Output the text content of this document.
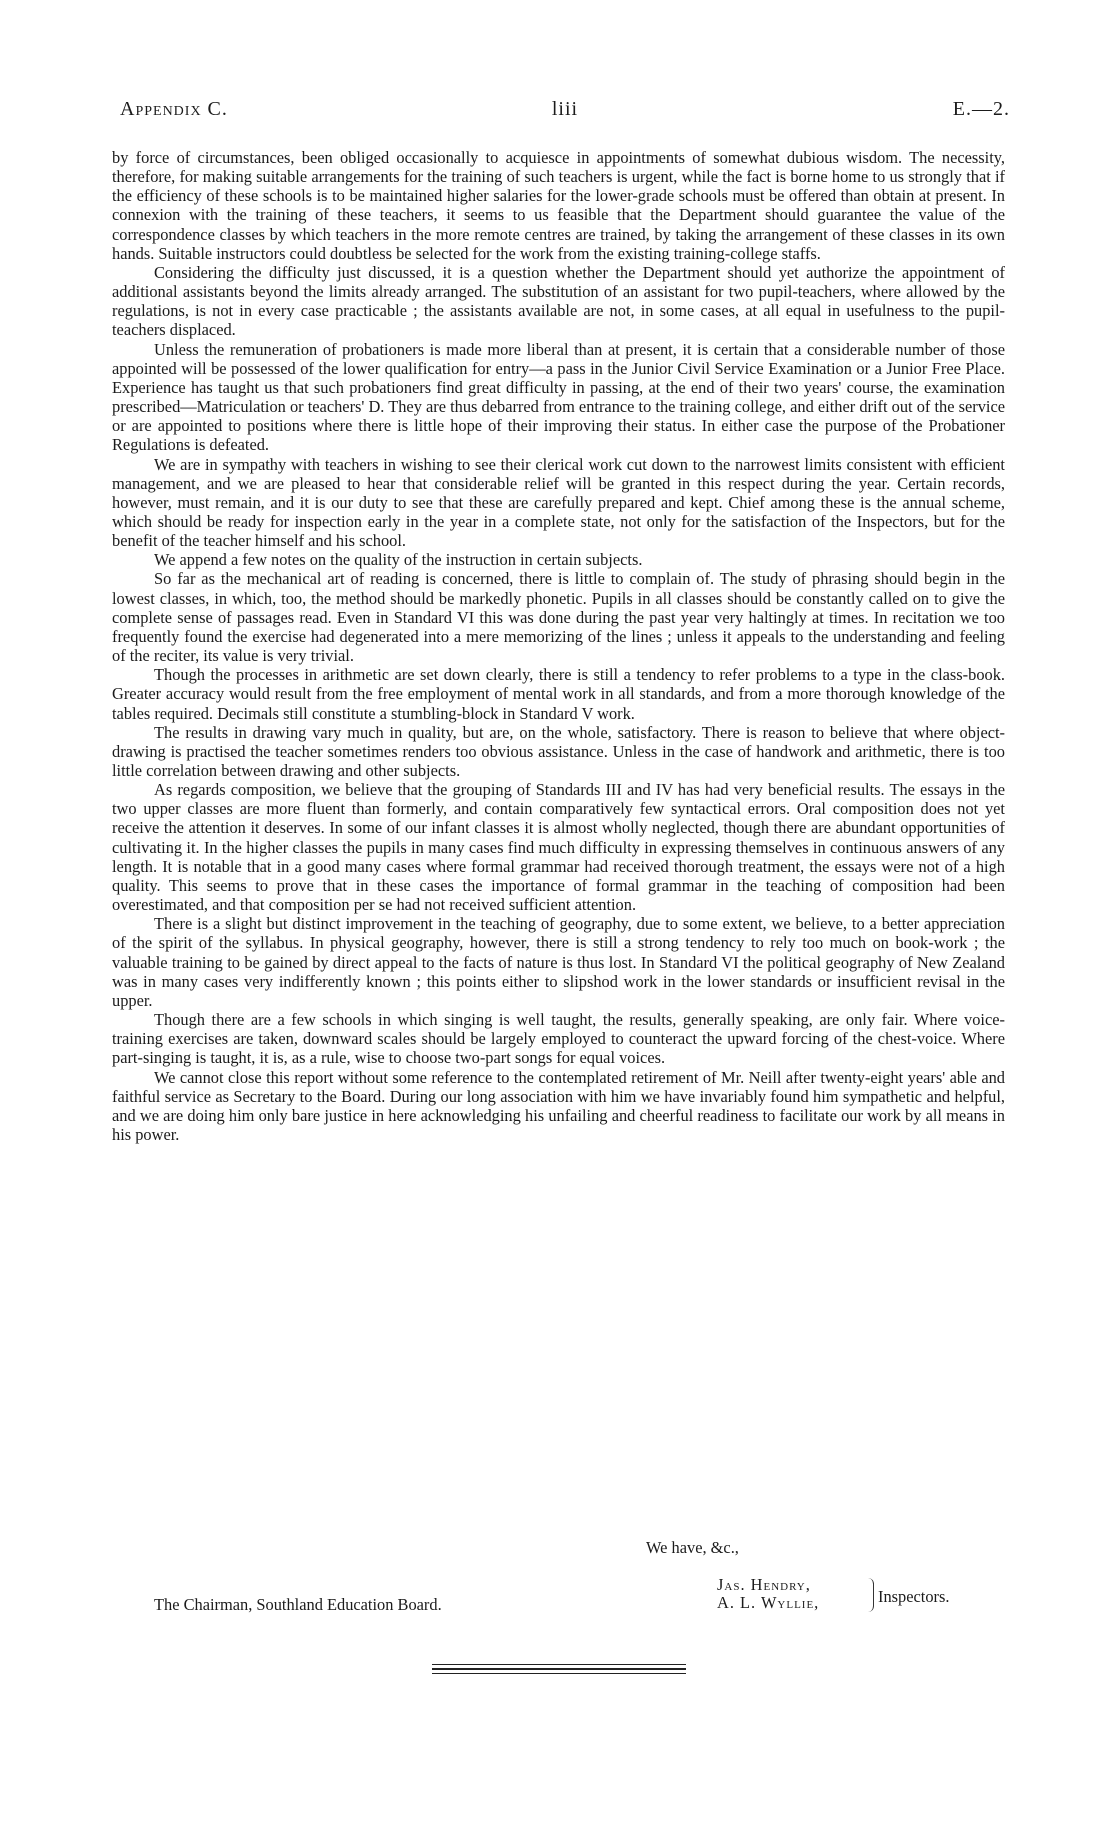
Appendix C.	liii	E.—2.

by force of circumstances, been obliged occasionally to acquiesce in appointments of somewhat dubious wisdom. The necessity, therefore, for making suitable arrangements for the training of such teachers is urgent, while the fact is borne home to us strongly that if the efficiency of these schools is to be maintained higher salaries for the lower-grade schools must be offered than obtain at present. In connexion with the training of these teachers, it seems to us feasible that the Department should guarantee the value of the correspondence classes by which teachers in the more remote centres are trained, by taking the arrangement of these classes in its own hands. Suitable instructors could doubtless be selected for the work from the existing training-college staffs.

Considering the difficulty just discussed, it is a question whether the Department should yet authorize the appointment of additional assistants beyond the limits already arranged. The substitution of an assistant for two pupil-teachers, where allowed by the regulations, is not in every case practicable ; the assistants available are not, in some cases, at all equal in usefulness to the pupil-teachers displaced.

Unless the remuneration of probationers is made more liberal than at present, it is certain that a considerable number of those appointed will be possessed of the lower qualification for entry—a pass in the Junior Civil Service Examination or a Junior Free Place. Experience has taught us that such probationers find great difficulty in passing, at the end of their two years' course, the examination prescribed—Matriculation or teachers' D. They are thus debarred from entrance to the training college, and either drift out of the service or are appointed to positions where there is little hope of their improving their status. In either case the purpose of the Probationer Regulations is defeated.

We are in sympathy with teachers in wishing to see their clerical work cut down to the narrowest limits consistent with efficient management, and we are pleased to hear that considerable relief will be granted in this respect during the year. Certain records, however, must remain, and it is our duty to see that these are carefully prepared and kept. Chief among these is the annual scheme, which should be ready for inspection early in the year in a complete state, not only for the satisfaction of the Inspectors, but for the benefit of the teacher himself and his school.

We append a few notes on the quality of the instruction in certain subjects.

So far as the mechanical art of reading is concerned, there is little to complain of. The study of phrasing should begin in the lowest classes, in which, too, the method should be markedly phonetic. Pupils in all classes should be constantly called on to give the complete sense of passages read. Even in Standard VI this was done during the past year very haltingly at times. In recitation we too frequently found the exercise had degenerated into a mere memorizing of the lines ; unless it appeals to the understanding and feeling of the reciter, its value is very trivial.

Though the processes in arithmetic are set down clearly, there is still a tendency to refer problems to a type in the class-book. Greater accuracy would result from the free employment of mental work in all standards, and from a more thorough knowledge of the tables required. Decimals still constitute a stumbling-block in Standard V work.

The results in drawing vary much in quality, but are, on the whole, satisfactory. There is reason to believe that where object-drawing is practised the teacher sometimes renders too obvious assistance. Unless in the case of handwork and arithmetic, there is too little correlation between drawing and other subjects.

As regards composition, we believe that the grouping of Standards III and IV has had very beneficial results. The essays in the two upper classes are more fluent than formerly, and contain comparatively few syntactical errors. Oral composition does not yet receive the attention it deserves. In some of our infant classes it is almost wholly neglected, though there are abundant opportunities of cultivating it. In the higher classes the pupils in many cases find much difficulty in expressing themselves in continuous answers of any length. It is notable that in a good many cases where formal grammar had received thorough treatment, the essays were not of a high quality. This seems to prove that in these cases the importance of formal grammar in the teaching of composition had been overestimated, and that composition per se had not received sufficient attention.

There is a slight but distinct improvement in the teaching of geography, due to some extent, we believe, to a better appreciation of the spirit of the syllabus. In physical geography, however, there is still a strong tendency to rely too much on book-work ; the valuable training to be gained by direct appeal to the facts of nature is thus lost. In Standard VI the political geography of New Zealand was in many cases very indifferently known ; this points either to slipshod work in the lower standards or insufficient revisal in the upper.

Though there are a few schools in which singing is well taught, the results, generally speaking, are only fair. Where voice-training exercises are taken, downward scales should be largely employed to counteract the upward forcing of the chest-voice. Where part-singing is taught, it is, as a rule, wise to choose two-part songs for equal voices.

We cannot close this report without some reference to the contemplated retirement of Mr. Neill after twenty-eight years' able and faithful service as Secretary to the Board. During our long association with him we have invariably found him sympathetic and helpful, and we are doing him only bare justice in here acknowledging his unfailing and cheerful readiness to facilitate our work by all means in his power.

We have, &c.,
The Chairman, Southland Education Board.
Jas. Hendry,
A. L. Wyllie,	Inspectors.
